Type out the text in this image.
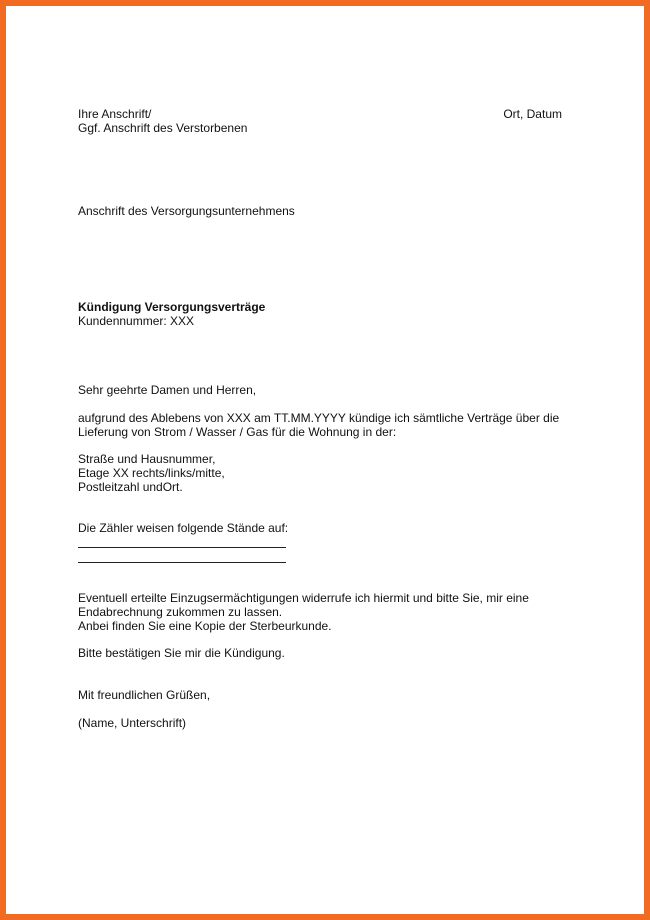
Ihre Anschrift/
Ggf. Anschrift des Verstorbenen
Ort, Datum
Anschrift des Versorgungsunternehmens
Kündigung Versorgungsverträge
Kundennummer: XXX
Sehr geehrte Damen und Herren,
aufgrund des Ablebens von XXX am TT.MM.YYYY kündige ich sämtliche Verträge über die
Lieferung von Strom / Wasser / Gas für die Wohnung in der:
Straße und Hausnummer,
Etage XX rechts/links/mitte,
Postleitzahl undOrt.
Die Zähler weisen folgende Stände auf:
Eventuell erteilte Einzugsermächtigungen widerrufe ich hiermit und bitte Sie, mir eine
Endabrechnung zukommen zu lassen.
Anbei finden Sie eine Kopie der Sterbeurkunde.
Bitte bestätigen Sie mir die Kündigung.
Mit freundlichen Grüßen,
(Name, Unterschrift)
